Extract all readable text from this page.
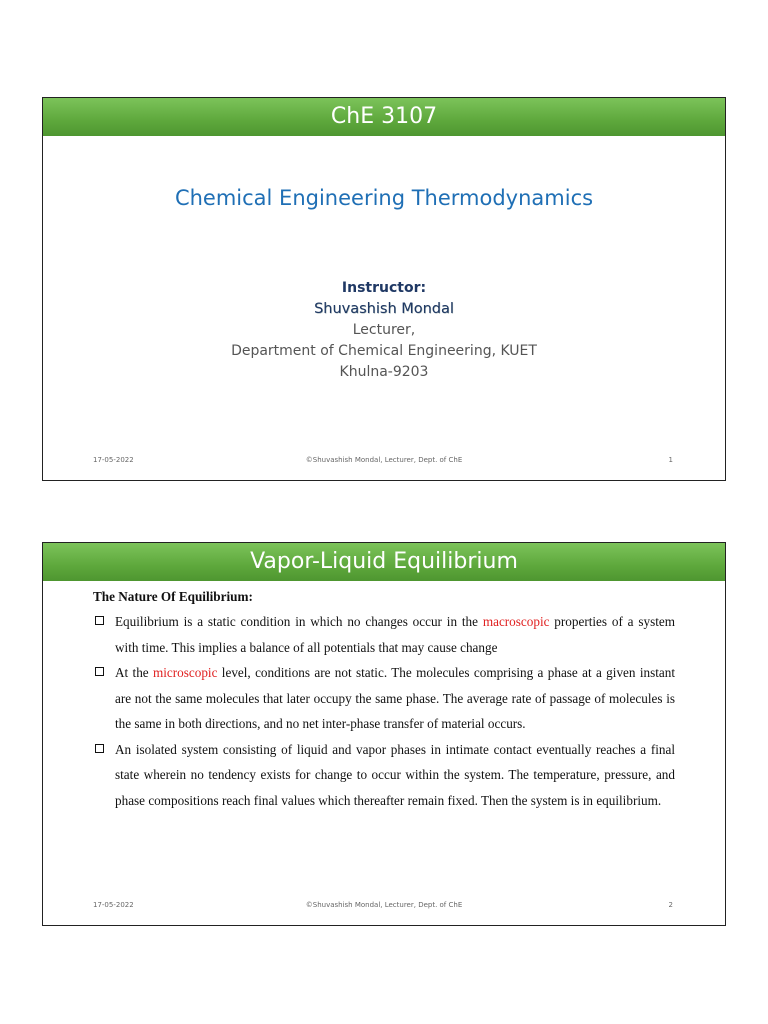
ChE 3107
Chemical Engineering Thermodynamics
Instructor:
Shuvashish Mondal
Lecturer,
Department of Chemical Engineering, KUET
Khulna-9203
17-05-2022	©Shuvashish Mondal, Lecturer, Dept. of ChE	1
Vapor-Liquid Equilibrium
The Nature Of Equilibrium:
Equilibrium is a static condition in which no changes occur in the macroscopic properties of a system with time. This implies a balance of all potentials that may cause change
At the microscopic level, conditions are not static. The molecules comprising a phase at a given instant are not the same molecules that later occupy the same phase. The average rate of passage of molecules is the same in both directions, and no net inter-phase transfer of material occurs.
An isolated system consisting of liquid and vapor phases in intimate contact eventually reaches a final state wherein no tendency exists for change to occur within the system. The temperature, pressure, and phase compositions reach final values which thereafter remain fixed. Then the system is in equilibrium.
17-05-2022	©Shuvashish Mondal, Lecturer, Dept. of ChE	2
